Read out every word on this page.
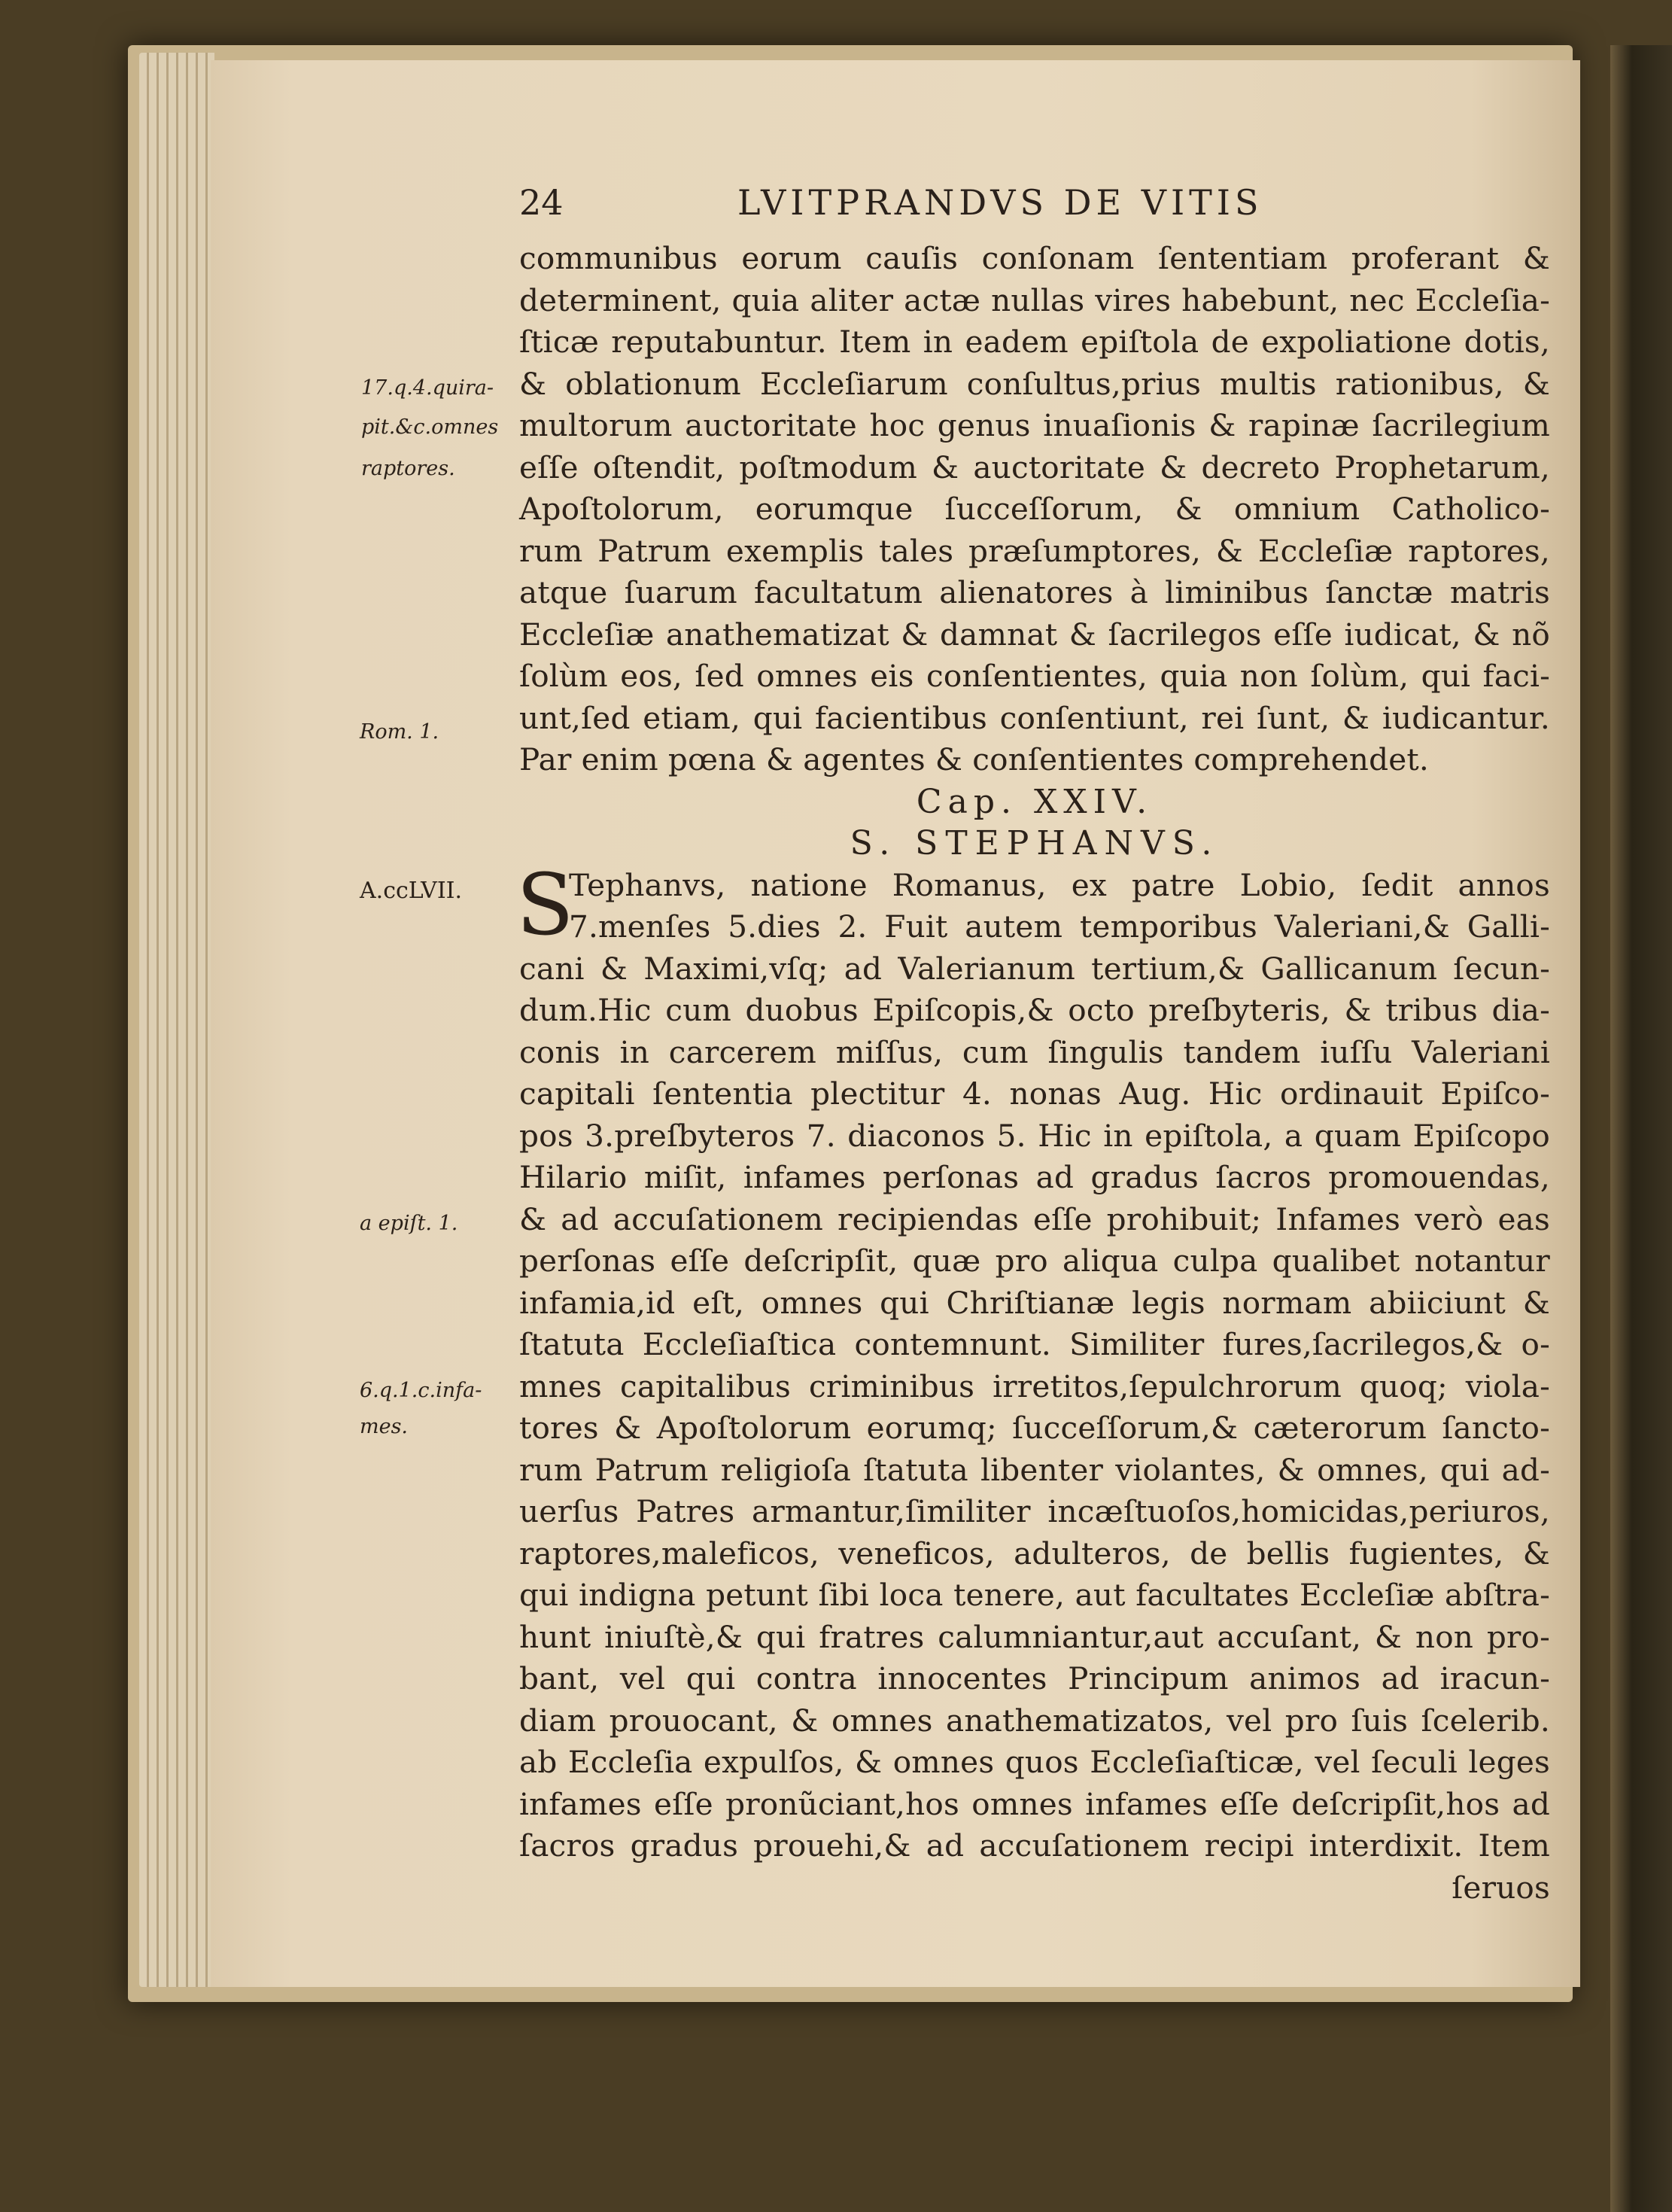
24	LVITPRANDVS DE VITIS
communibus eorum cauſis conſonam ſententiam proferant &
determinent, quia aliter actæ nullas vires habebunt, nec Eccleſia-
ſticæ reputabuntur. Item in eadem epiſtola de expoliatione dotis,
& oblationum Eccleſiarum conſultus,prius multis rationibus, &
multorum auctoritate hoc genus inuaſionis & rapinæ ſacrilegium
eſſe oſtendit, poſtmodum & auctoritate & decreto Prophetarum,
Apoſtolorum, eorumque ſucceſſorum, & omnium Catholico-
rum Patrum exemplis tales præſumptores, & Eccleſiæ raptores,
atque ſuarum facultatum alienatores à liminibus ſanctæ matris
Eccleſiæ anathematizat & damnat & ſacrilegos eſſe iudicat, & nõ
ſolùm eos, ſed omnes eis conſentientes, quia non ſolùm, qui faci-
unt,ſed etiam, qui facientibus conſentiunt, rei ſunt, & iudicantur.
Par enim pœna & agentes & conſentientes comprehendet.
Cap. XXIV.
S. STEPHANVS.
S
Tephanvs, natione Romanus, ex patre Lobio, ſedit annos
7.menſes 5.dies 2. Fuit autem temporibus Valeriani,& Galli-
cani & Maximi,vſq; ad Valerianum tertium,& Gallicanum ſecun-
dum.Hic cum duobus Epiſcopis,& octo preſbyteris, & tribus dia-
conis in carcerem miſſus, cum ſingulis tandem iuſſu Valeriani
capitali ſententia plectitur 4. nonas Aug. Hic ordinauit Epiſco-
pos 3.preſbyteros 7. diaconos 5. Hic in epiſtola, a quam Epiſcopo
Hilario miſit, infames perſonas ad gradus ſacros promouendas,
& ad accuſationem recipiendas eſſe prohibuit; Infames verò eas
perſonas eſſe deſcripſit, quæ pro aliqua culpa qualibet notantur
infamia,id eſt, omnes qui Chriſtianæ legis normam abiiciunt &
ſtatuta Eccleſiaſtica contemnunt. Similiter fures,ſacrilegos,& o-
mnes capitalibus criminibus irretitos,ſepulchrorum quoq; viola-
tores & Apoſtolorum eorumq; ſucceſſorum,& cæterorum ſancto-
rum Patrum religioſa ſtatuta libenter violantes, & omnes, qui ad-
uerſus Patres armantur,ſimiliter incæſtuoſos,homicidas,periuros,
raptores,maleficos, veneficos, adulteros, de bellis fugientes, &
qui indigna petunt ſibi loca tenere, aut facultates Eccleſiæ abſtra-
hunt iniuſtè,& qui fratres calumniantur,aut accuſant, & non pro-
bant, vel qui contra innocentes Principum animos ad iracun-
diam prouocant, & omnes anathematizatos, vel pro ſuis ſcelerib.
ab Eccleſia expulſos, & omnes quos Eccleſiaſticæ, vel ſeculi leges
infames eſſe pronũciant,hos omnes infames eſſe deſcripſit,hos ad
ſacros gradus prouehi,& ad accuſationem recipi interdixit. Item
ſeruos
17.q.4.quira-
pit.&c.omnes
raptores.
Rom. 1.
A.ccLVII.
a epiſt. 1.
6.q.1.c.infa-
mes.
